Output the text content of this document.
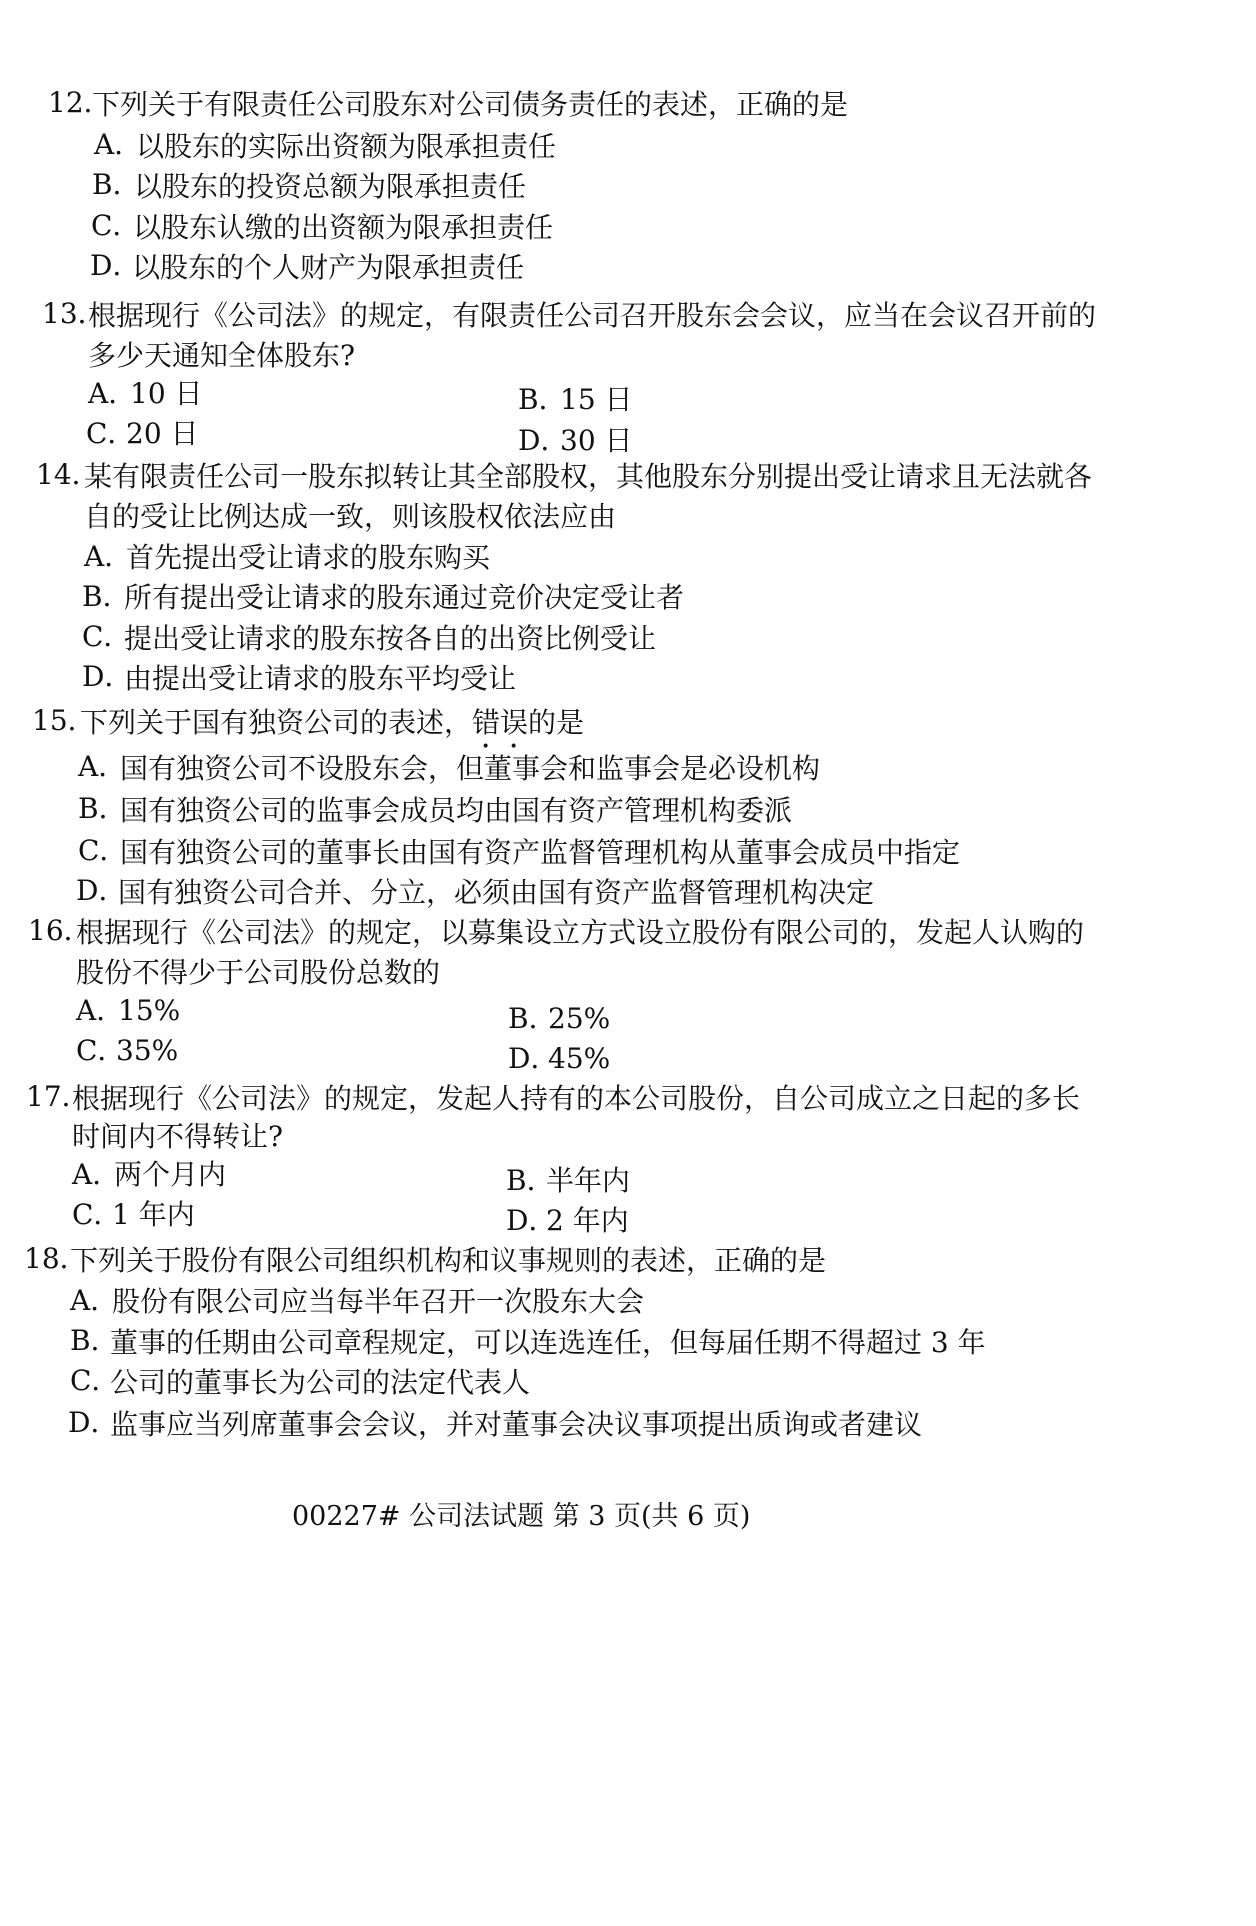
12．
下列关于有限责任公司股东对公司债务责任的表述，正确的是
A．
以股东的实际出资额为限承担责任
B．
以股东的投资总额为限承担责任
C．
以股东认缴的出资额为限承担责任
D．
以股东的个人财产为限承担责任
13．
根据现行《公司法》的规定，有限责任公司召开股东会会议，应当在会议召开前的
多少天通知全体股东?
A．
10 日	B．
15 日
C．
20 日	D．
30 日
14．
某有限责任公司一股东拟转让其全部股权，其他股东分别提出受让请求且无法就各
自的受让比例达成一致，则该股权依法应由
A．
首先提出受让请求的股东购买
B．
所有提出受让请求的股东通过竞价决定受让者
C．
提出受让请求的股东按各自的出资比例受让
D．
由提出受让请求的股东平均受让
15．
下列关于国有独资公司的表述，错误的是
A．
国有独资公司不设股东会，但董事会和监事会是必设机构
B．
国有独资公司的监事会成员均由国有资产管理机构委派
C．
国有独资公司的董事长由国有资产监督管理机构从董事会成员中指定
D．
国有独资公司合并、分立，必须由国有资产监督管理机构决定
16．
根据现行《公司法》的规定，以募集设立方式设立股份有限公司的，发起人认购的
股份不得少于公司股份总数的
A．
15%	B．
25%
C．
35%	D．
45%
17．
根据现行《公司法》的规定，发起人持有的本公司股份，自公司成立之日起的多长
时间内不得转让?
A．
两个月内	B．
半年内
C．
1 年内	D．
2 年内
18．
下列关于股份有限公司组织机构和议事规则的表述，正确的是
A．
股份有限公司应当每半年召开一次股东大会
B．
董事的任期由公司章程规定，可以连选连任，但每届任期不得超过 3 年
C．
公司的董事长为公司的法定代表人
D．
监事应当列席董事会会议，并对董事会决议事项提出质询或者建议
00227# 公司法试题 第 3 页(共 6 页)
